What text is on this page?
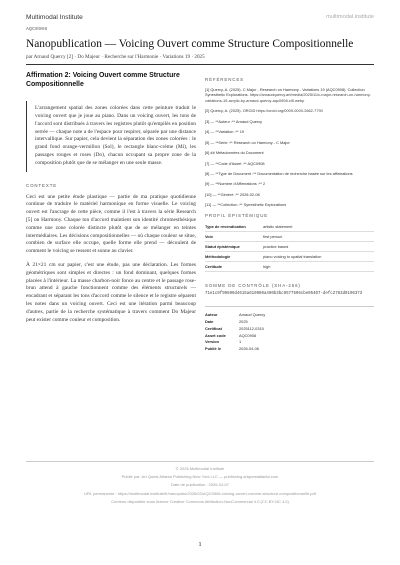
Multimodal Institute	multimodal.institute
AQC0908
Nanopublication — Voicing Ouvert comme Structure Compositionnelle
par Arnaud Quercy [2] · Do Majeur · Recherche sur l'Harmonie · Variations 19 · 2025
Affirmation 2: Voicing Ouvert comme Structure Compositionnelle
L'arrangement spatial des zones colorées dans cette peinture traduit le voicing ouvert que je joue au piano. Dans un voicing ouvert, les tons de l'accord sont distribués à travers les registres plutôt qu'empilés en position serrée — chaque note a de l'espace pour respirer, séparée par une distance intervallique. Sur papier, cela devient la séparation des zones colorées : le grand fond orange-vermillon (Sol), le rectangle blanc-crème (Mi), les passages rouges et roses (Do), chacun occupant sa propre zone de la composition plutôt que de se mélanger en une seule masse.
CONTEXTE

Ceci est une petite étude plastique — partie de ma pratique quotidienne continue de traduire le matériel harmonique en forme visuelle. Le voicing ouvert est l'ancrage de cette pièce, comme il l'est à travers la série Research [5] on Harmony. Chaque ton d'accord maintient son identité chromesthésique comme une zone colorée distincte plutôt que de se mélanger en teintes intermédiaires. Les décisions compositionnelles — où chaque couleur se situe, combien de surface elle occupe, quelle forme elle prend — découlent de comment le voicing se ressent et sonne au clavier.

À 21×21 cm sur papier, c'est une étude, pas une déclaration. Les formes géométriques sont simples et directes : un fond dominant, quelques formes placées à l'intérieur. La masse charbon-noir fonce au centre et le passage rose-brun attend à gauche fonctionnent comme des éléments structurels — encadrant et séparant les tons d'accord comme le silence et le registre séparent les notes dans un voicing ouvert. Ceci est une itération parmi beaucoup d'autres, partie de la recherche systématique à travers comment Do Majeur peut exister comme couleur et composition.

RÉFÉRENCES
[1] Quercy, A. (2025). C Major - Research on Harmony - Variations 19 (AQC0908). Collection Synesthetic Explorations. https://arnaudquercy.art/media/2025/11/c-major-research-on-harmony-variations-19-acrylic-by-arnaud-quercy-aqc0908-xl5.webp
[2] Quercy, A. (2025). ORCID https://orcid.org/0009-0000-2662-7790
[3] — **Auteur :** Arnaud Quercy
[4] — **Variation :** 19
[5] — **Série :** Research on Harmony - C Major
[6] ## Métadonnées du Document
[7] — **Code d'Asset :** AQC0908
[8] — **Type de Document :** Documentation de recherche basée sur les affirmations
[9] — **Nombre d'Affirmations :** 2
[10] — **Généré :** 2026-02-08
[11] — **Collection :** Synesthetic Explorations
PROFIL ÉPISTÉMIQUE
Type de revendication	artistic statement
Voix	first person
Statut épistémique	practice based
Méthodologie	piano voicing to spatial translation
Certitude	high
SOMME DE CONTRÔLE (SHA-256)
71e1c9f99890d4615a610980a490b3bc9577596cbe05407-defc2783d9196373
Auteur	Arnaud Quercy
Date	2025
Certificat	2025112-0315
Asset code	AQC0908
Version	1
Publié le	2026-04-06
© 2026 Multimodal Institute
Publié par: Art Quest Atlanta Publishing New York LLC — publishing.artquestatlanta.com
Date de publication : 2026-04-07
URL permanente : https://multimodal.institute/fr/nanopubs/2026/02/AQC0908-voicing-ouvert-comme-structure-compositionnelle.pdf
Contenu disponible sous licence Creative Commons Attribution-NonCommercial 4.0 (CC BY-NC 4.0)
1
